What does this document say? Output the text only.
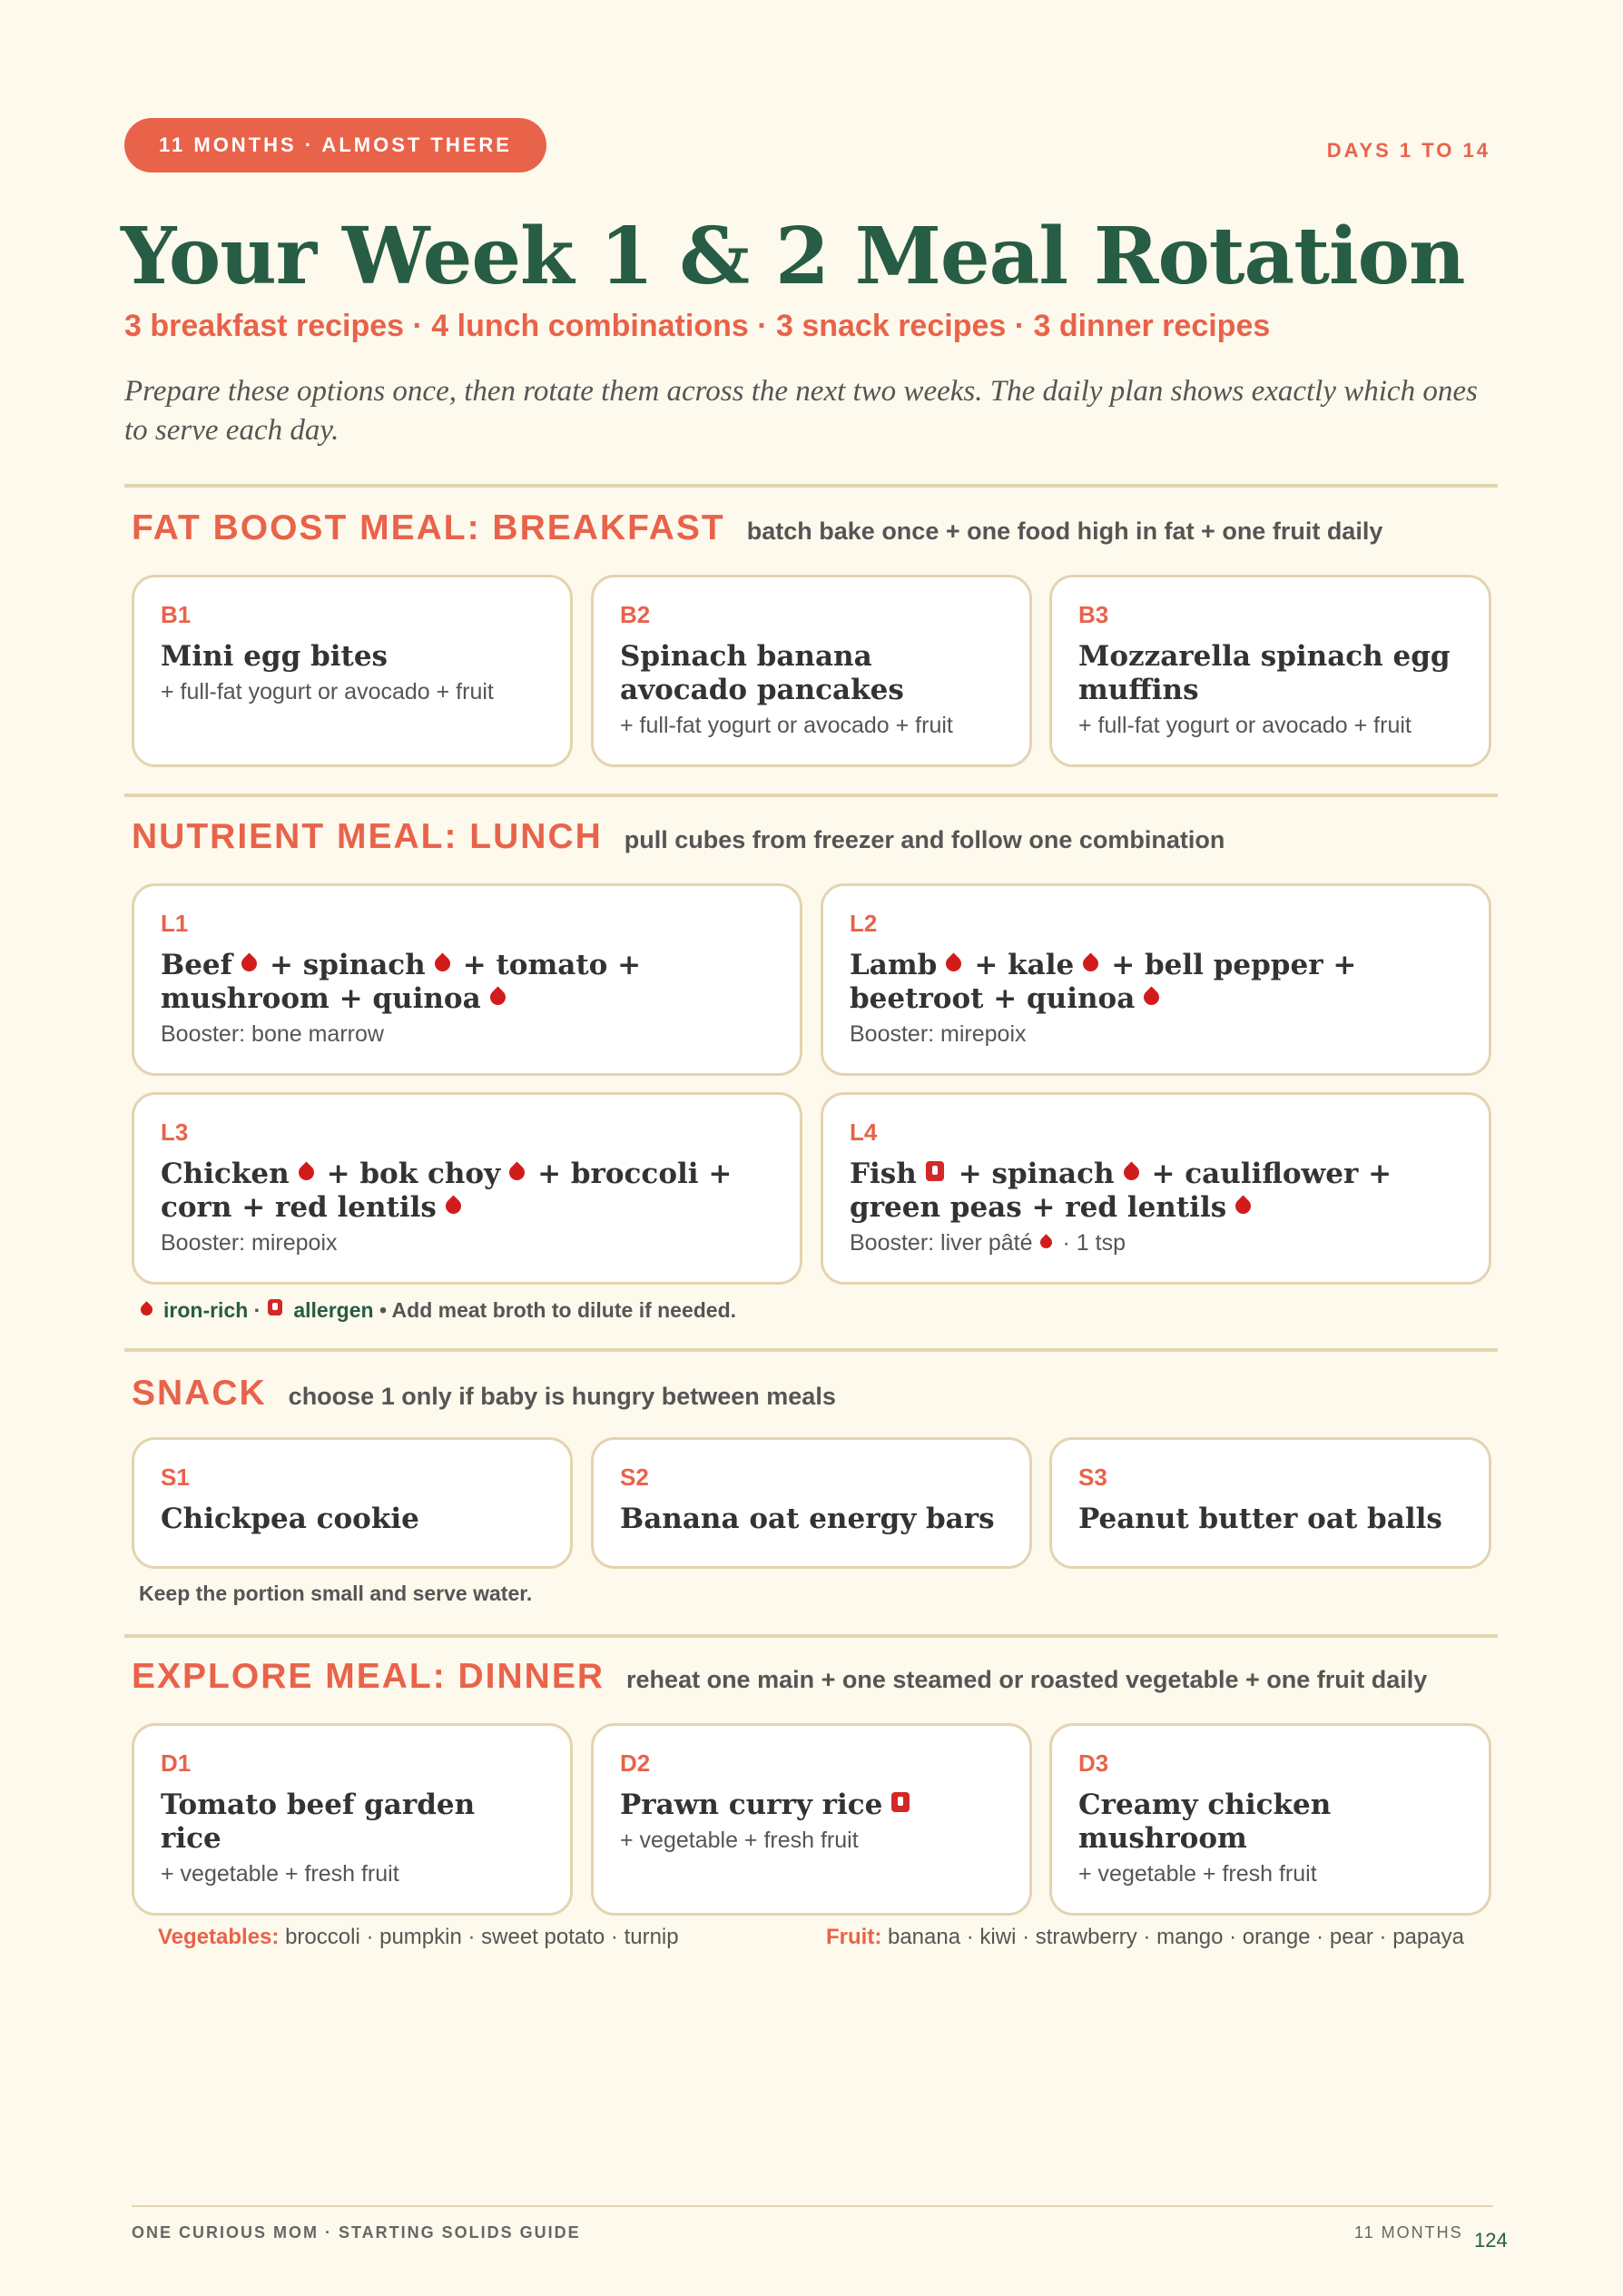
11 MONTHS · ALMOST THERE	DAYS 1 TO 14
Your Week 1 & 2 Meal Rotation
3 breakfast recipes · 4 lunch combinations · 3 snack recipes · 3 dinner recipes
Prepare these options once, then rotate them across the next two weeks. The daily plan shows exactly which ones to serve each day.
FAT BOOST MEAL: BREAKFAST batch bake once + one food high in fat + one fruit daily
B1
Mini egg bites
+ full-fat yogurt or avocado + fruit
B2
Spinach banana avocado pancakes
+ full-fat yogurt or avocado + fruit
B3
Mozzarella spinach egg muffins
+ full-fat yogurt or avocado + fruit
NUTRIENT MEAL: LUNCH pull cubes from freezer and follow one combination
L1
Beef + spinach + tomato + mushroom + quinoa
Booster: bone marrow
L2
Lamb + kale + bell pepper + beetroot + quinoa
Booster: mirepoix
L3
Chicken + bok choy + broccoli + corn + red lentils
Booster: mirepoix
L4
Fish + spinach + cauliflower + green peas + red lentils
Booster: liver pâté · 1 tsp
iron-rich · allergen • Add meat broth to dilute if needed.
SNACK choose 1 only if baby is hungry between meals
S1
Chickpea cookie
S2
Banana oat energy bars
S3
Peanut butter oat balls
Keep the portion small and serve water.
EXPLORE MEAL: DINNER reheat one main + one steamed or roasted vegetable + one fruit daily
D1
Tomato beef garden rice
+ vegetable + fresh fruit
D2
Prawn curry rice
+ vegetable + fresh fruit
D3
Creamy chicken mushroom
+ vegetable + fresh fruit
Vegetables: broccoli · pumpkin · sweet potato · turnip	Fruit: banana · kiwi · strawberry · mango · orange · pear · papaya
ONE CURIOUS MOM · STARTING SOLIDS GUIDE	11 MONTHS 124
